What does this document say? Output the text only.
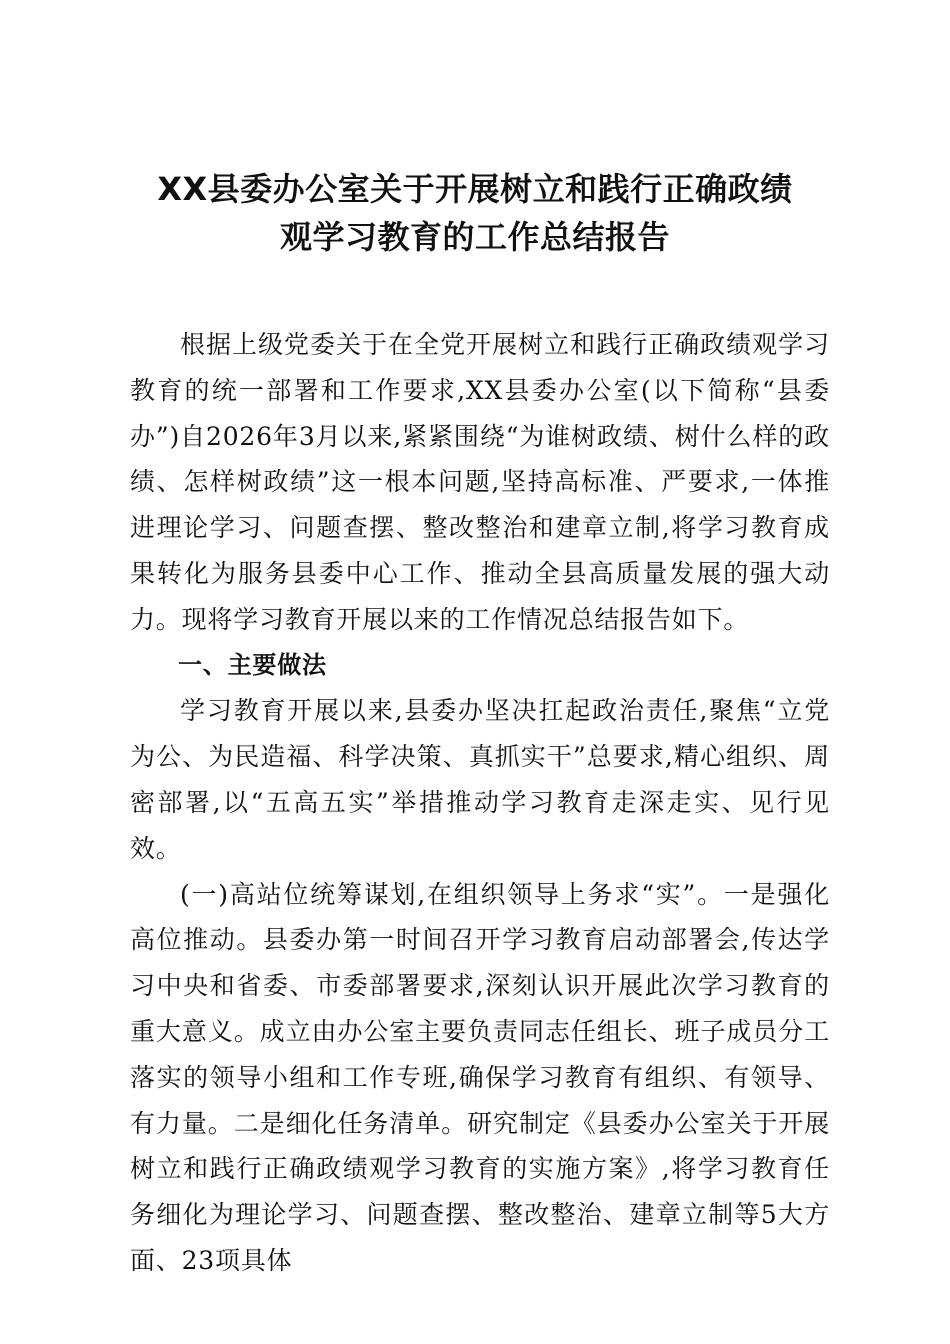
XX县委办公室关于开展树立和践行正确政绩
观学习教育的工作总结报告

根据上级党委关于在全党开展树立和践行正确政绩观学习教育的统一部署和工作要求,XX县委办公室(以下简称“县委办”)自2026年3月以来,紧紧围绕“为谁树政绩、树什么样的政绩、怎样树政绩”这一根本问题,坚持高标准、严要求,一体推进理论学习、问题查摆、整改整治和建章立制,将学习教育成果转化为服务县委中心工作、推动全县高质量发展的强大动力。现将学习教育开展以来的工作情况总结报告如下。

一、主要做法

学习教育开展以来,县委办坚决扛起政治责任,聚焦“立党为公、为民造福、科学决策、真抓实干”总要求,精心组织、周密部署,以“五高五实”举措推动学习教育走深走实、见行见效。

(一)高站位统筹谋划,在组织领导上务求“实”。一是强化高位推动。县委办第一时间召开学习教育启动部署会,传达学习中央和省委、市委部署要求,深刻认识开展此次学习教育的重大意义。成立由办公室主要负责同志任组长、班子成员分工落实的领导小组和工作专班,确保学习教育有组织、有领导、有力量。二是细化任务清单。研究制定《县委办公室关于开展树立和践行正确政绩观学习教育的实施方案》,将学习教育任务细化为理论学习、问题查摆、整改整治、建章立制等5大方面、23项具体
